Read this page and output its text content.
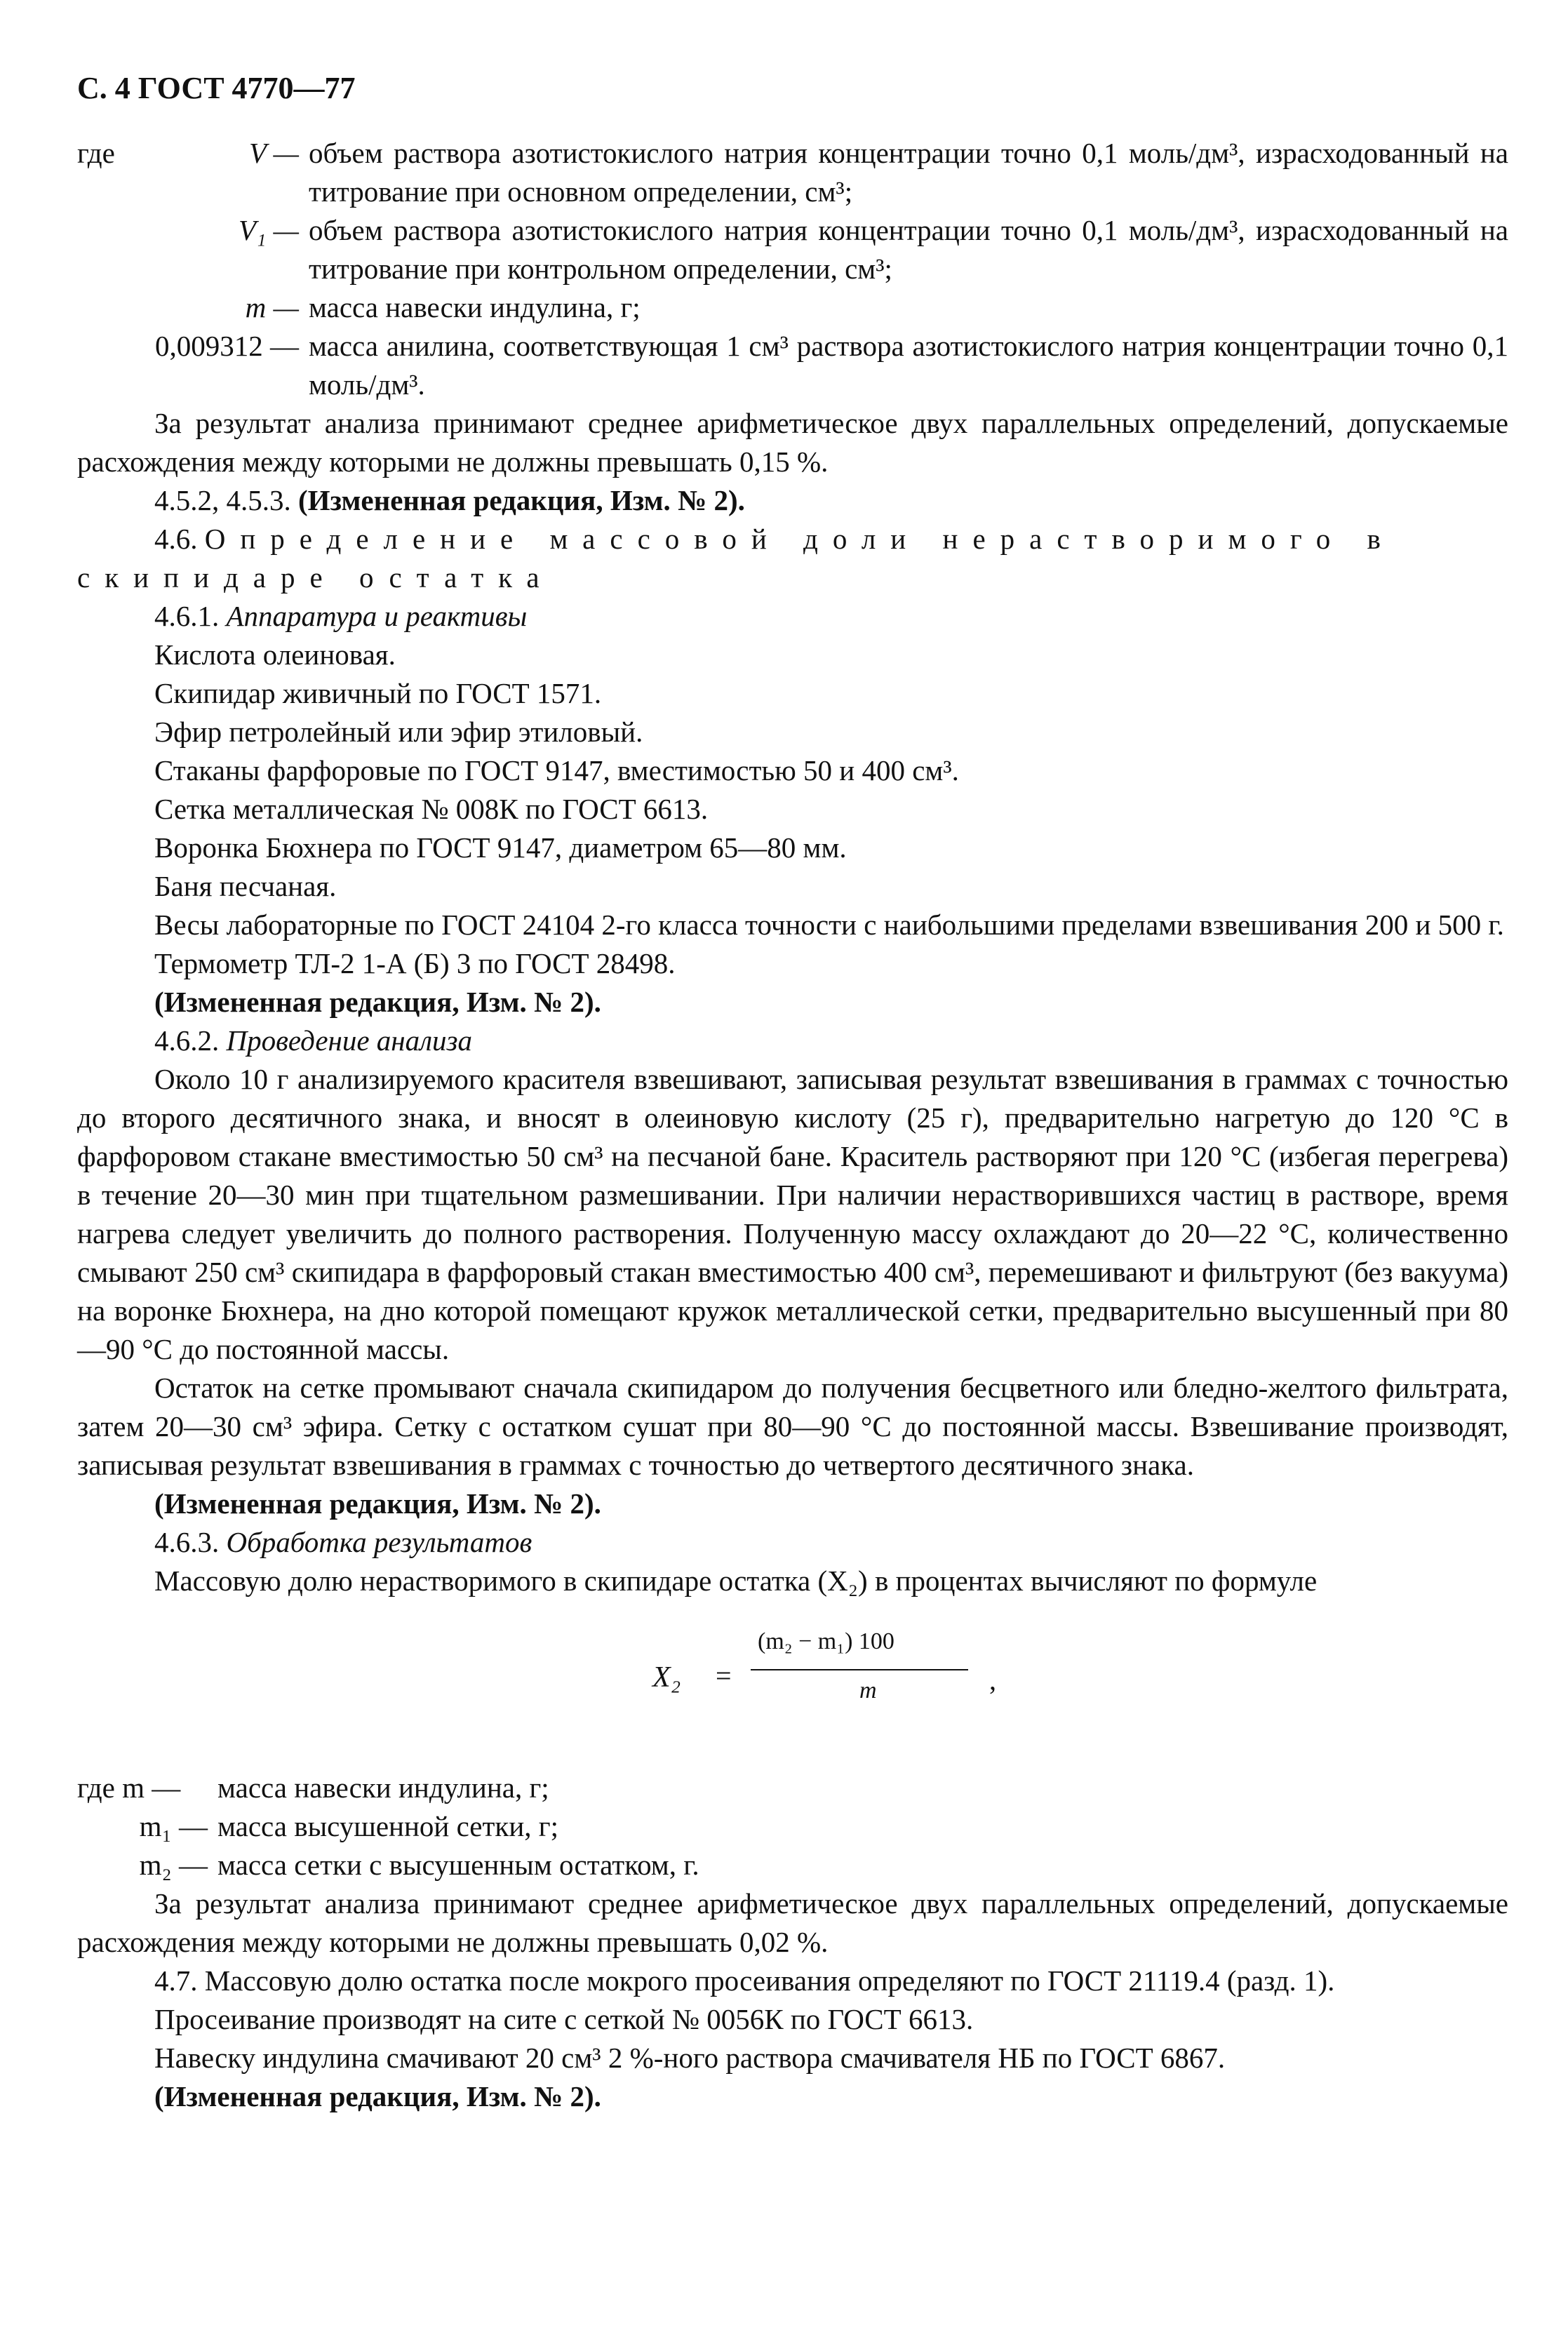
С. 4 ГОСТ 4770—77
где	V — объем раствора азотистокислого натрия концентрации точно 0,1 моль/дм³, израсходованный на титрование при основном определении, см³;
V₁ — объем раствора азотистокислого натрия концентрации точно 0,1 моль/дм³, израсходованный на титрование при контрольном определении, см³;
m — масса навески индулина, г;
0,009312 — масса анилина, соответствующая 1 см³ раствора азотистокислого натрия концентрации точно 0,1 моль/дм³.

За результат анализа принимают среднее арифметическое двух параллельных определений, допускаемые расхождения между которыми не должны превышать 0,15 %.

4.5.2, 4.5.3. (Измененная редакция, Изм. № 2).

4.6. Определение массовой доли нерастворимого в скипидаре остатка

4.6.1. Аппаратура и реактивы

Кислота олеиновая.

Скипидар живичный по ГОСТ 1571.

Эфир петролейный или эфир этиловый.

Стаканы фарфоровые по ГОСТ 9147, вместимостью 50 и 400 см³.

Сетка металлическая № 008К по ГОСТ 6613.

Воронка Бюхнера по ГОСТ 9147, диаметром 65—80 мм.

Баня песчаная.

Весы лабораторные по ГОСТ 24104 2-го класса точности с наибольшими пределами взвешивания 200 и 500 г.

Термометр ТЛ-2 1-А (Б) 3 по ГОСТ 28498.

(Измененная редакция, Изм. № 2).

4.6.2. Проведение анализа

Около 10 г анализируемого красителя взвешивают, записывая результат взвешивания в граммах с точностью до второго десятичного знака, и вносят в олеиновую кислоту (25 г), предварительно нагретую до 120 °С в фарфоровом стакане вместимостью 50 см³ на песчаной бане. Краситель растворяют при 120 °С (избегая перегрева) в течение 20—30 мин при тщательном размешивании. При наличии нерастворившихся частиц в растворе, время нагрева следует увеличить до полного растворения. Полученную массу охлаждают до 20—22 °С, количественно смывают 250 см³ скипидара в фарфоровый стакан вместимостью 400 см³, перемешивают и фильтруют (без вакуума) на воронке Бюхнера, на дно которой помещают кружок металлической сетки, предварительно высушенный при 80—90 °С до постоянной массы.

Остаток на сетке промывают сначала скипидаром до получения бесцветного или бледно-желтого фильтрата, затем 20—30 см³ эфира. Сетку с остатком сушат при 80—90 °С до постоянной массы. Взвешивание производят, записывая результат взвешивания в граммах с точностью до четвертого десятичного знака.

(Измененная редакция, Изм. № 2).

4.6.3. Обработка результатов

Массовую долю нерастворимого в скипидаре остатка (X₂) в процентах вычисляют по формуле

X₂ =
(m₂ − m₁) 100
m	,
где m —	масса навески индулина, г;
m₁ — масса высушенной сетки, г;
m₂ — масса сетки с высушенным остатком, г.

За результат анализа принимают среднее арифметическое двух параллельных определений, допускаемые расхождения между которыми не должны превышать 0,02 %.

4.7. Массовую долю остатка после мокрого просеивания определяют по ГОСТ 21119.4 (разд. 1).

Просеивание производят на сите с сеткой № 0056К по ГОСТ 6613.

Навеску индулина смачивают 20 см³ 2 %-ного раствора смачивателя НБ по ГОСТ 6867.

(Измененная редакция, Изм. № 2).
